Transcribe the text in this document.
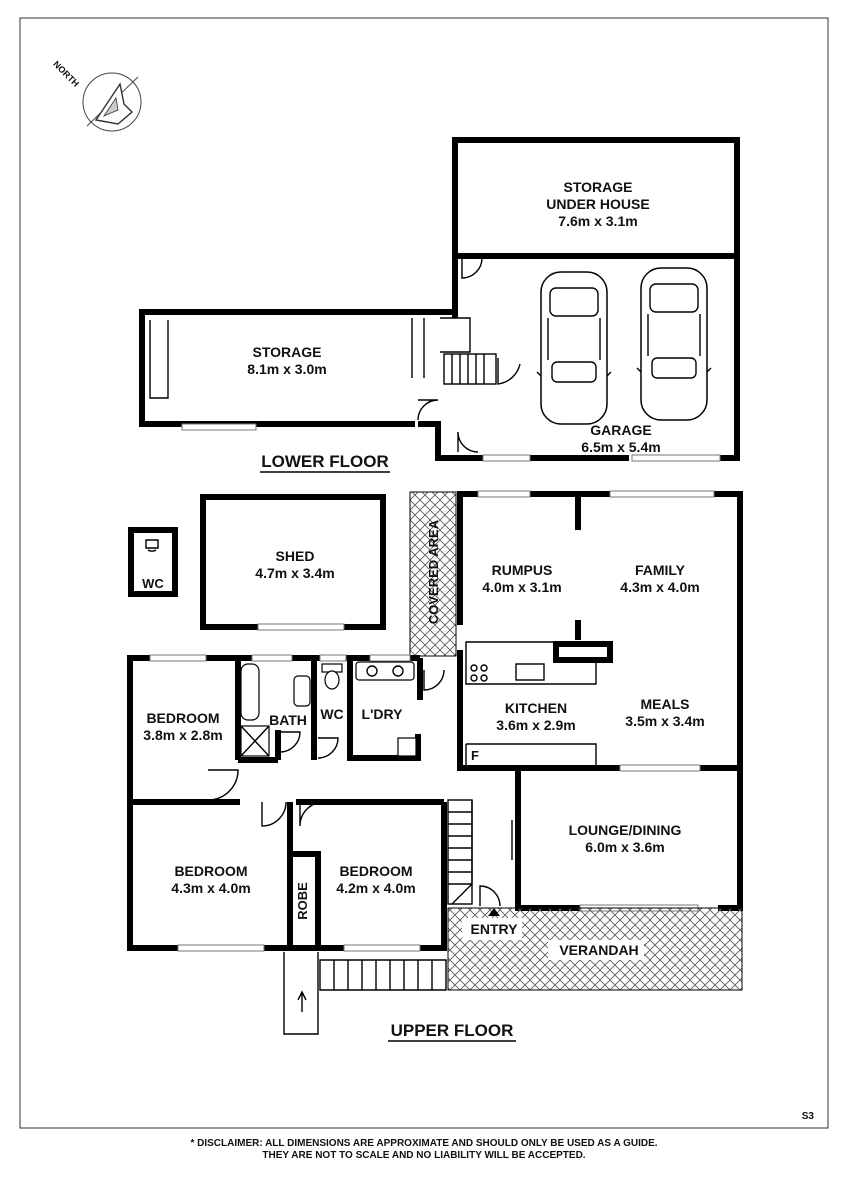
NORTH
STORAGE
UNDER HOUSE
7.6m x 3.1m
STORAGE
8.1m x 3.0m
GARAGE
6.5m x 5.4m
LOWER FLOOR
WC
SHED
4.7m x 3.4m	COVERED AREA	RUMPUS
4.0m x 3.1m
FAMILY
4.3m x 4.0m
KITCHEN
3.6m x 2.9m
MEALS
3.5m x 3.4m
F
BEDROOM
3.8m x 2.8m
BATH WC L'DRY
BEDROOM
4.3m x 4.0m
BEDROOM
4.2m x 4.0m
ROBE
LOUNGE/DINING
6.0m x 3.6m
ENTRY
VERANDAH
UPPER FLOOR
S3
* DISCLAIMER: ALL DIMENSIONS ARE APPROXIMATE AND SHOULD ONLY BE USED AS A GUIDE.
THEY ARE NOT TO SCALE AND NO LIABILITY WILL BE ACCEPTED.
